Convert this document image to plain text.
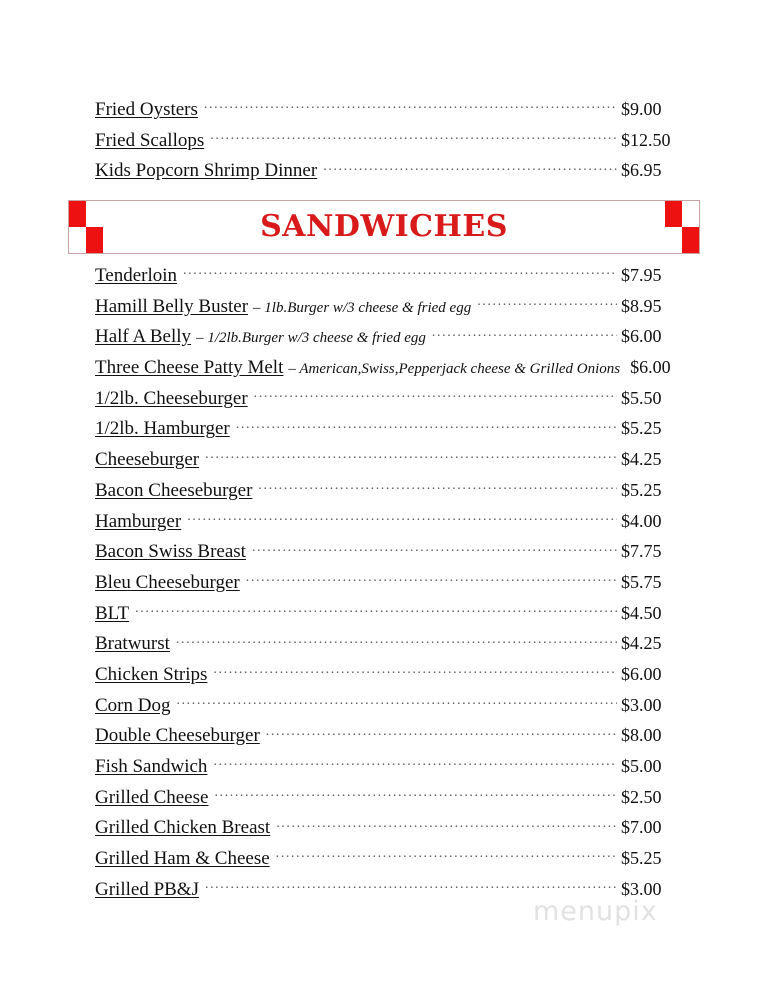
Fried Oysters .....	$9.00
Fried Scallops .....	$12.50
Kids Popcorn Shrimp Dinner .....	$6.95
SANDWICHES
Tenderloin .....	$7.95
Hamill Belly Buster – 1lb.Burger w/3 cheese & fried egg .....	$8.95
Half A Belly – 1/2lb.Burger w/3 cheese & fried egg .....	$6.00
Three Cheese Patty Melt – American,Swiss,Pepperjack cheese & Grilled Onions $6.00
1/2lb. Cheeseburger .....	$5.50
1/2lb. Hamburger .....	$5.25
Cheeseburger .....	$4.25
Bacon Cheeseburger .....	$5.25
Hamburger .....	$4.00
Bacon Swiss Breast .....	$7.75
Bleu Cheeseburger .....	$5.75
BLT .....	$4.50
Bratwurst .....	$4.25
Chicken Strips .....	$6.00
Corn Dog .....	$3.00
Double Cheeseburger .....	$8.00
Fish Sandwich .....	$5.00
Grilled Cheese .....	$2.50
Grilled Chicken Breast .....	$7.00
Grilled Ham & Cheese .....	$5.25
Grilled PB&J .....	$3.00
menupix
